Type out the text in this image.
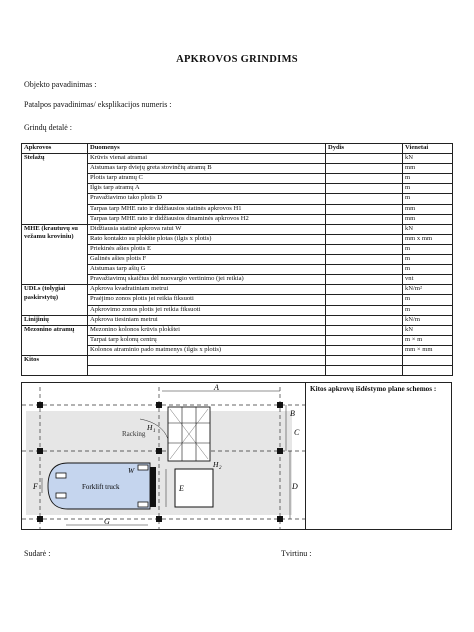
APKROVOS GRINDIMS
Objekto pavadinimas :
Patalpos pavadinimas/ eksplikacijos numeris :
Grindų detalė :
Apkrovos	Duomenys	Dydis	Vienetai
Stelažų	Krūvis vienai atramai		kN
	Atstumas tarp dviejų greta stovinčių atramų B		mm
	Plotis tarp atramų C		m
	Ilgis tarp atramų A		m
	Pravažiavimo tako plotis D		m
	Tarpas tarp MHE rato ir didžiausios statinės apkrovos H1		mm
	Tarpas tarp MHE rato ir didžiausios dinaminės apkrovos H2		mm
MHE (krautuvų su vežamu kroviniu)	Didžiausia statinė apkrova ratui W		kN
	Rato kontakto su plokšte plotas (ilgis x plotis)		mm x mm
	Priekinės ašies plotis E		m
	Galinės ašies plotis F		m
	Atstumas tarp ašių G		m
	Pravažiavimų skaičius dėl nuovargio vertinimo (jei reikia)		vnt
UDLs (tolygiai paskirstytų)	Apkrova kvadratiniam metrui		kN/m²
	Praėjimo zonos plotis jei reikia fiksuoti		m
	Apkrovimo zonos plotis jei reikia fiksuoti		m
Linijinių	Apkrova tiesiniam metrui		kN/m
Mezonino atramų	Mezonino kolonos krūvis plokštei		kN
	Tarpai tarp kolonų centrų		m × m
	Kolonos atraminio pado matmenys (ilgis x plotis)		mm × mm
Kitos			

A
B
C
D
E
F
G
W
Racking
Forklift truck
H 1
H 2
Kitos apkrovų išdėstymo plane schemos :
Sudarė :	Tvirtinu :
